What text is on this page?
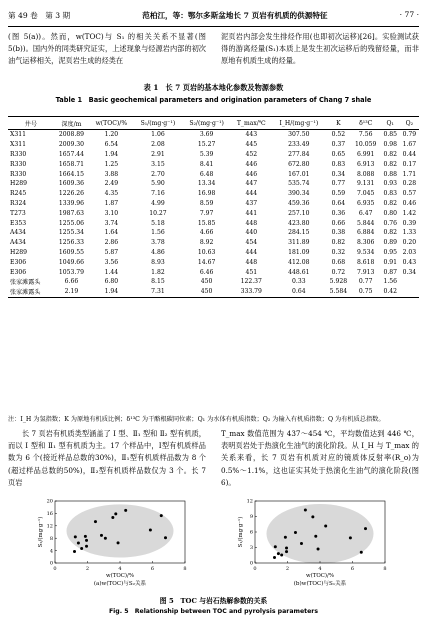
第 49 卷　第 3 期	范柏江，等：鄂尔多斯盆地长 7 页岩有机质的供源特征	· 77 ·

(图 5(a))。然而，w(TOC)与 S₁ 的相关关系不显著(图 5(b))。国内外的同类研究证实，上述现象与烃源岩内部的初次油气运移相关，泥页岩生成的烃类在

泥页岩内部会发生排烃作用(也即初次运移)[26]。实验测试获得的游离烃量(S₁)本质上是发生初次运移后的残留烃量，而非原地有机质生成的烃量。

表 1　长 7 页岩的基本地化参数及物源参数
Table 1　Basic geochemical parameters and origination parameters of Chang 7 shale
井号	深度/m	w(TOC)/%	S₁/(mg·g⁻¹)	S₂/(mg·g⁻¹)	T_max/℃	I_H/(mg·g⁻¹)	K	δ¹³C	Q₁	Q₂
X311	2008.89	1.20	1.06	3.69	443	307.50	0.52	7.56	0.85	0.79
X311	2009.30	6.54	2.08	15.27	445	233.49	0.37	10.059	0.98	1.67
R330	1657.44	1.94	2.91	5.39	452	277.84	0.65	6.991	0.82	0.44
R330	1658.71	1.25	3.15	8.41	446	672.80	0.83	6.913	0.82	0.17
R330	1664.15	3.88	2.70	6.48	446	167.01	0.34	8.088	0.88	1.71
H289	1609.36	2.49	5.90	13.34	447	535.74	0.77	9.131	0.93	0.28
R245	1226.26	4.35	7.16	16.98	444	390.34	0.59	7.045	0.83	0.57
R324	1339.96	1.87	4.99	8.59	437	459.36	0.64	6.935	0.82	0.46
T273	1987.63	3.10	10.27	7.97	441	257.10	0.36	6.47	0.80	1.42
E353	1255.06	3.74	5.18	15.85	448	423.80	0.66	5.844	0.76	0.39
A434	1255.34	1.64	1.56	4.66	440	284.15	0.38	6.884	0.82	1.33
A434	1256.33	2.86	3.78	8.92	454	311.89	0.82	8.306	0.89	0.20
H289	1609.55	5.87	4.86	10.63	444	181.09	0.32	9.534	0.95	2.03
E306	1049.66	3.56	8.93	14.67	448	412.08	0.68	8.618	0.91	0.43
E306	1053.79	1.44	1.82	6.46	451	448.61	0.72	7.913	0.87	0.34
张家滩露头	6.66	6.80	8.15	450	122.37	0.33	5.928	0.77	1.56	
张家滩露头	2.19	1.94	7.31	450	333.79	0.64	5.584	0.75	0.42	
注：I_H 为氢指数；K 为原地有机质比例；δ¹³C 为干酪根碳同位素；Q₁ 为水体有机质指数；Q₂ 为输入有机质指数；Q 为有机质总指数。

长 7 页岩有机质类型涵盖了 Ⅰ 型、Ⅱ₁ 型和 Ⅱ₂ 型有机质，而以 Ⅰ 型和 Ⅱ₁ 型有机质为主。17 个样品中，Ⅰ型有机质样品数为 6 个(接近样品总数的30%)，Ⅱ₁型有机质样品数为 8 个(超过样品总数的50%)，Ⅱ₂型有机质样品数仅为 3 个。长 7 页岩

T_max 数值范围为 437～454 ℃，平均数值达到 446 ℃，表明页岩处于热演化生油气的演化阶段。从 I_H 与 T_max 的关系来看，长 7 页岩有机质对应的镜质体反射率(R_o)为 0.5%～1.1%，这也证实其处于热演化生油气的演化阶段(图 6)。

0	2	4	6	8
0
4
8
12
16
20
w(TOC)/%
S₂/(mg·g⁻¹)
(a)w(TOC)与S₂关系
0	2	4	6	8
0
3
6
9
12
w(TOC)/%
S₁/(mg·g⁻¹)
(b)w(TOC)与S₁关系
图 5　TOC 与岩石热解参数的关系
Fig. 5　Relationship between TOC and pyrolysis parameters
